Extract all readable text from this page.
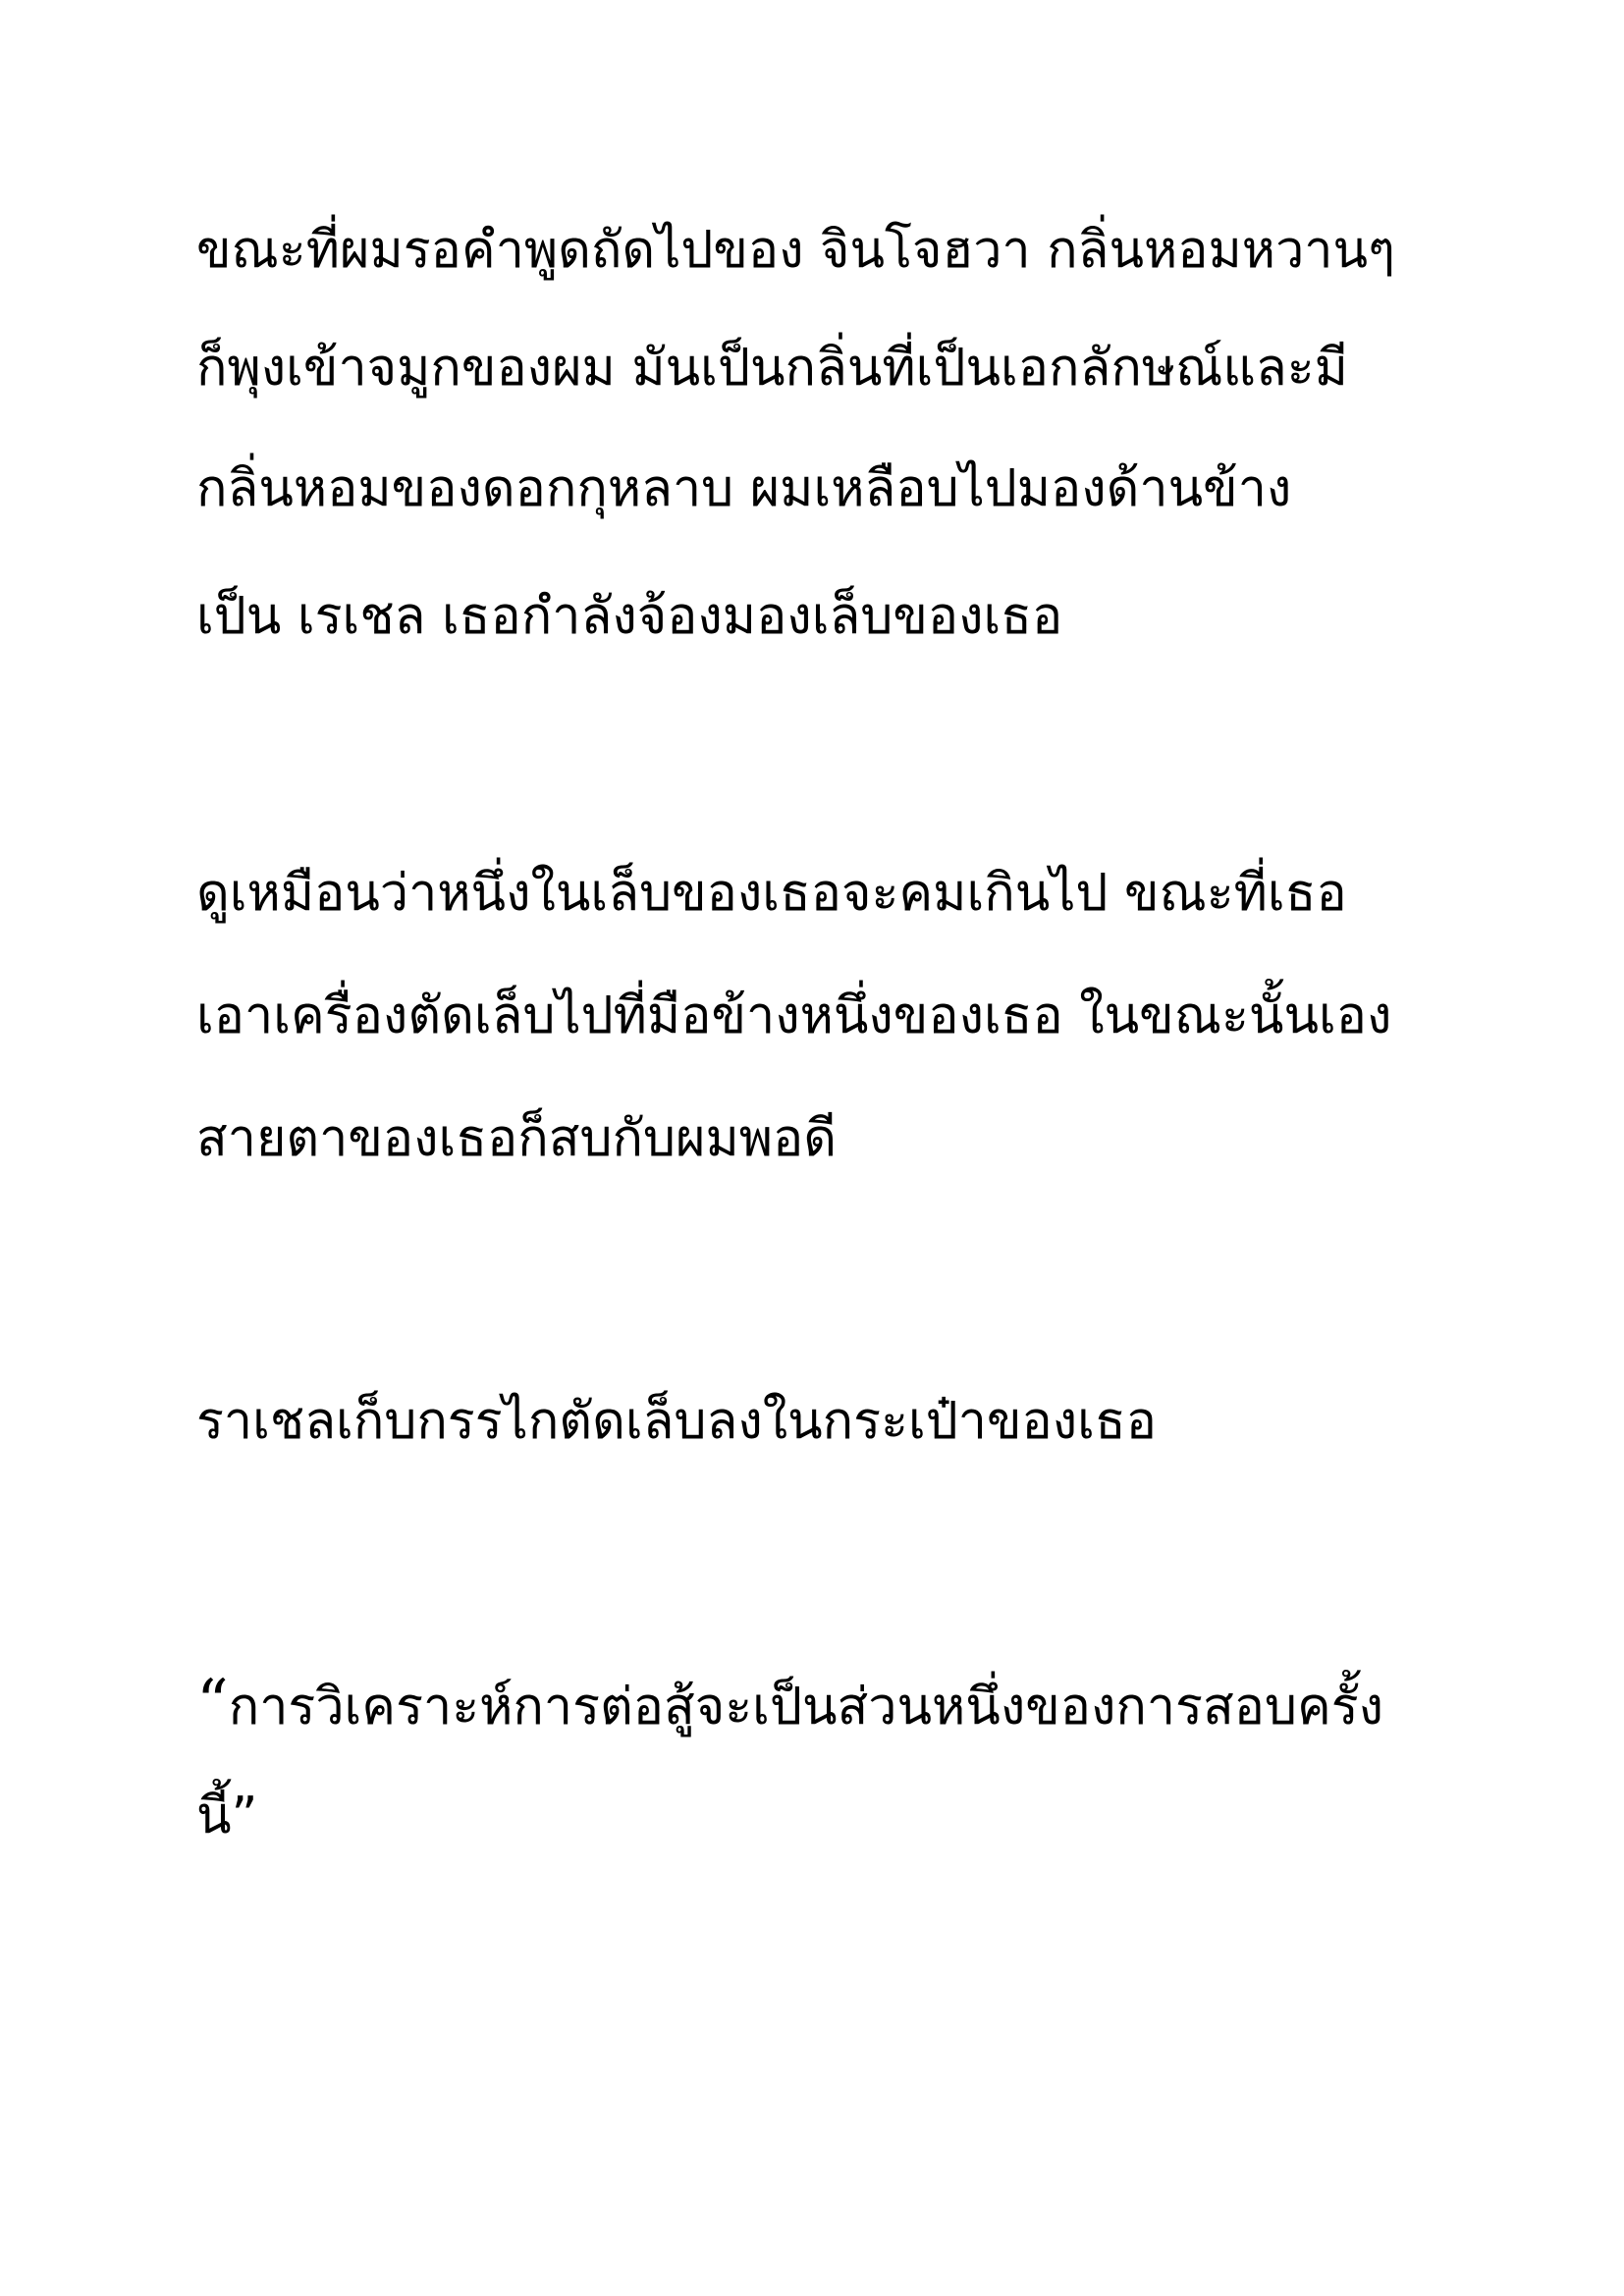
ขณะที่ผมรอคำพูดถัดไปของ จินโจฮวา กลิ่นหอมหวานๆ
ก็พุงเข้าจมูกของผม มันเป็นกลิ่นที่เป็นเอกลักษณ์และมี
กลิ่นหอมของดอกกุหลาบ ผมเหลือบไปมองด้านข้าง
เป็น เรเชล เธอกำลังจ้องมองเล็บของเธอ
ดูเหมือนว่าหนึ่งในเล็บของเธอจะคมเกินไป ขณะที่เธอ
เอาเครื่องตัดเล็บไปที่มือข้างหนึ่งของเธอ ในขณะนั้นเอง
สายตาของเธอก็สบกับผมพอดี
ราเชลเก็บกรรไกตัดเล็บลงในกระเป๋าของเธอ
“การวิเคราะห์การต่อสู้จะเป็นส่วนหนึ่งของการสอบครั้ง
นี้”
